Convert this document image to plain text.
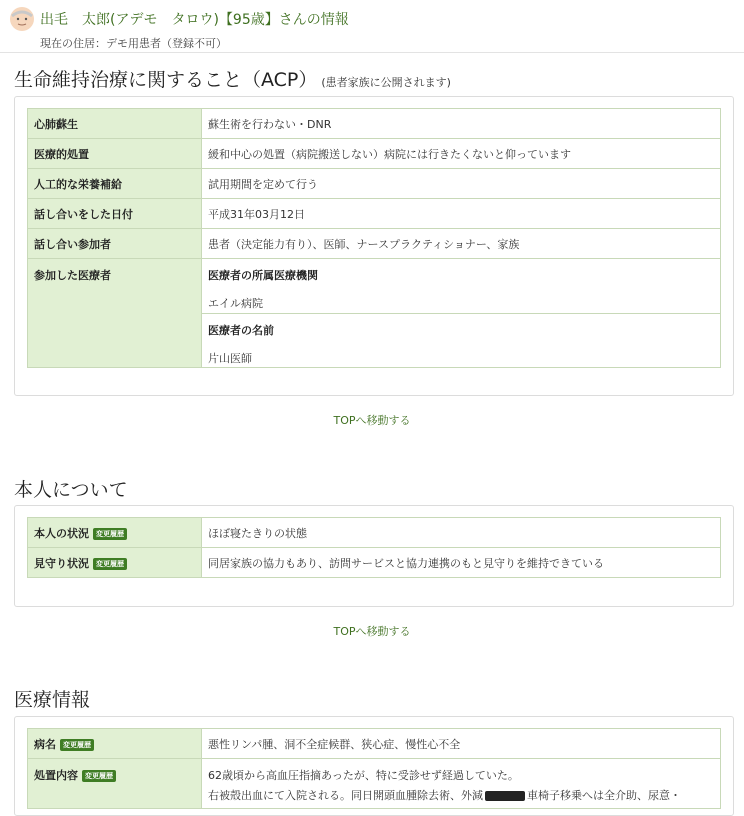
出毛　太郎(アデモ　タロウ)【95歳】さんの情報
現在の住居：デモ用患者（登録不可）
生命維持治療に関すること（ACP） (患者家族に公開されます)
心肺蘇生	蘇生術を行わない・DNR
医療的処置	緩和中心の処置（病院搬送しない）病院には行きたくないと仰っています
人工的な栄養補給	試用期間を定めて行う
話し合いをした日付	平成31年03月12日
話し合い参加者	患者（決定能力有り）、医師、ナースプラクティショナー、家族
参加した医療者	医療者の所属医療機関
エイル病院
医療者の名前
片山医師
TOPへ移動する
本人について
本人の状況 変更履歴	ほぼ寝たきりの状態
見守り状況 変更履歴	同居家族の協力もあり、訪問サービスと協力連携のもと見守りを維持できている
TOPへ移動する
医療情報
病名 変更履歴	悪性リンパ腫、洞不全症候群、狭心症、慢性心不全
処置内容 変更履歴	62歳頃から高血圧指摘あったが、特に受診せず経過していた。
右被殻出血にて入院される。同日開頭血腫除去術、外減 車椅子移乗へは全介助、尿意・
